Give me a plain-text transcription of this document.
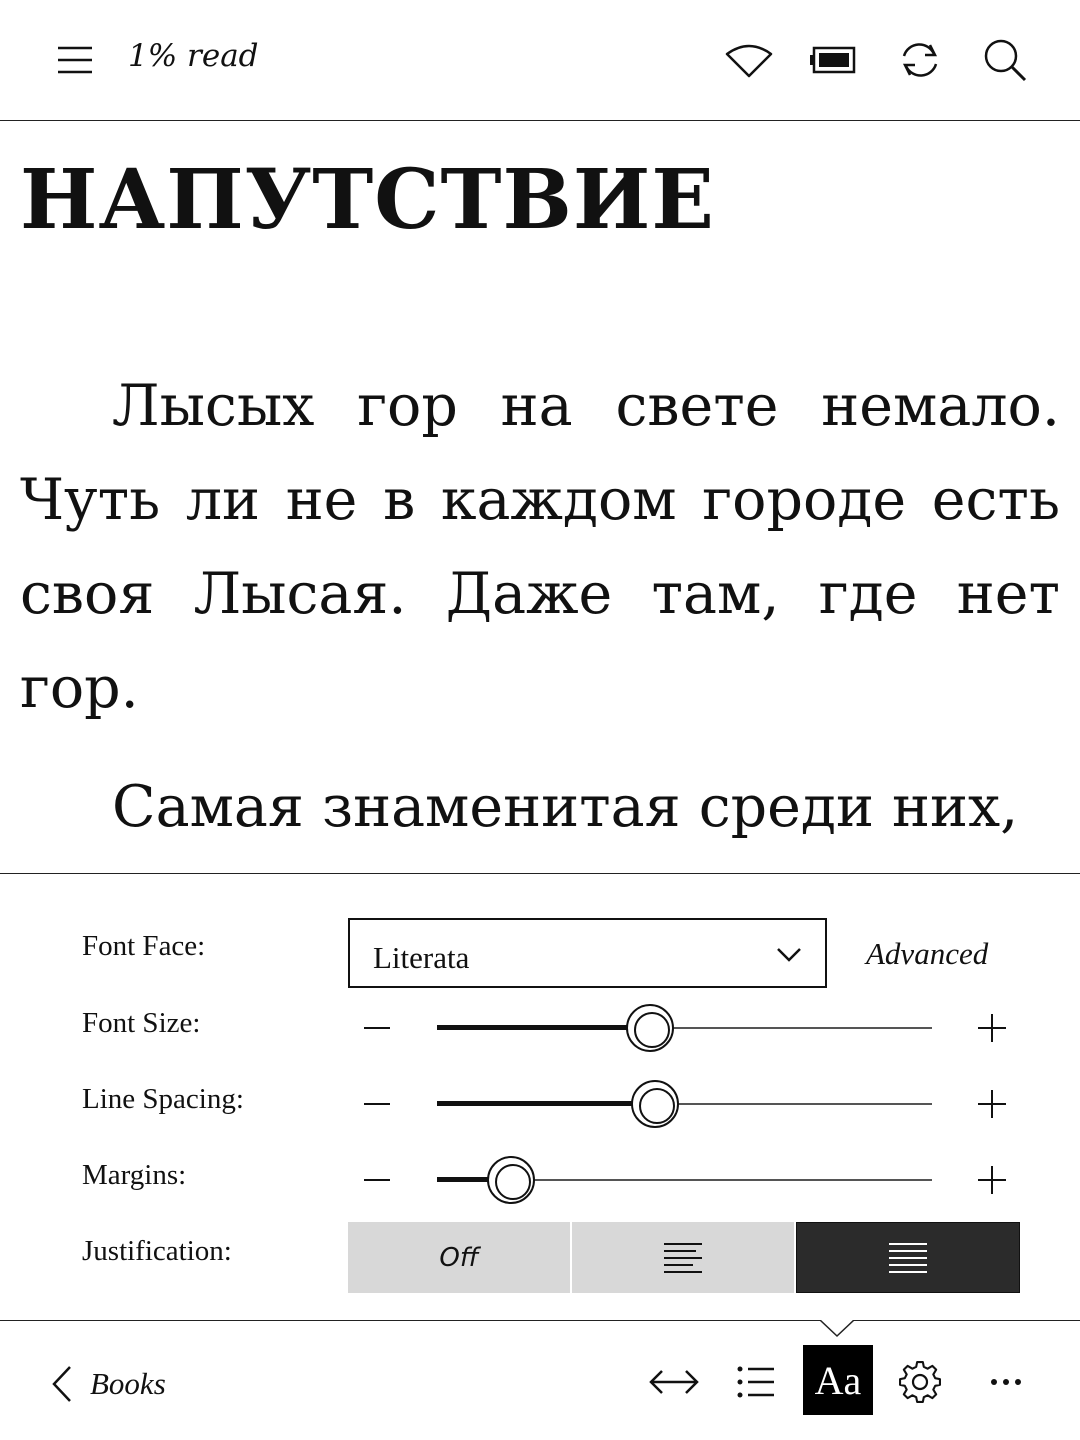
1% read
НАПУТСТВИЕ

Лысых гор на свете немало. Чуть ли не в каждом городе есть своя Лысая. Даже там, где нет гор.

Самая знаменитая среди них,

Font Face:	Literata	Advanced
Font Size:
Line Spacing:
Margins:
Justification:	Off
Books	Aa
